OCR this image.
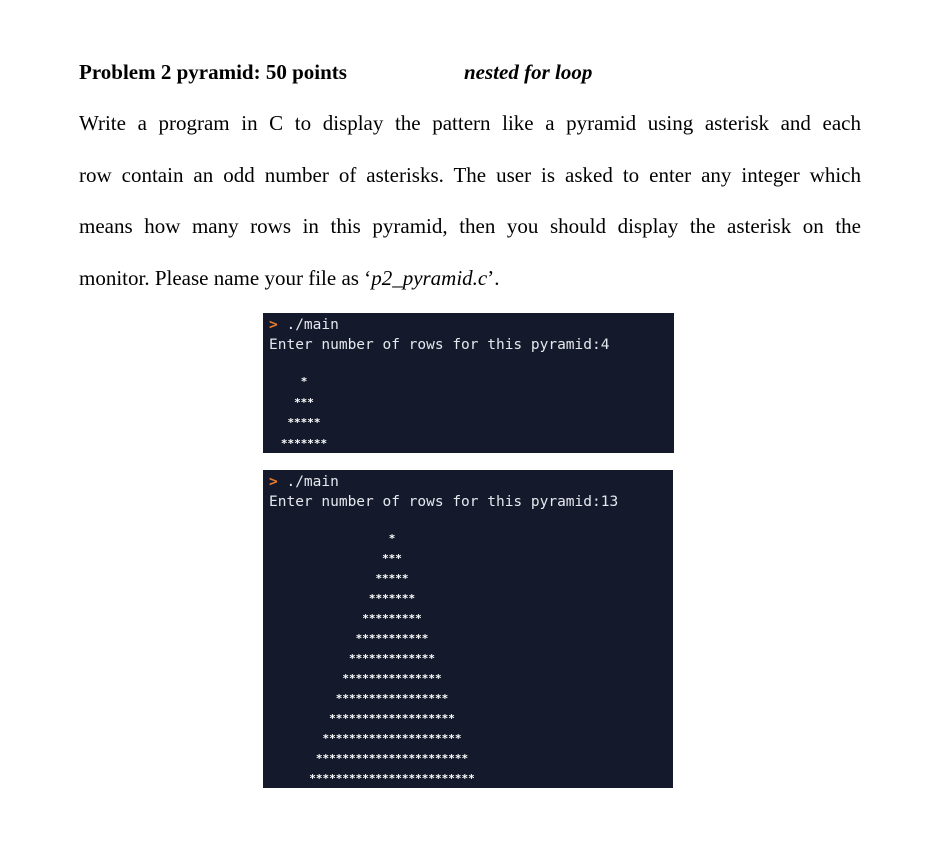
Problem 2 pyramid: 50 points	nested for loop
Write a program in C to display the pattern like a pyramid using asterisk and each
row contain an odd number of asterisks. The user is asked to enter any integer which
means how many rows in this pyramid, then you should display the asterisk on the
monitor. Please name your file as ‘p2_pyramid.c’.
> ./main
Enter number of rows for this pyramid:4
*
***
*****
*******
> ./main
Enter number of rows for this pyramid:13
*
***
*****
*******
*********
***********
*************
***************
*****************
*******************
*********************
***********************
*************************
